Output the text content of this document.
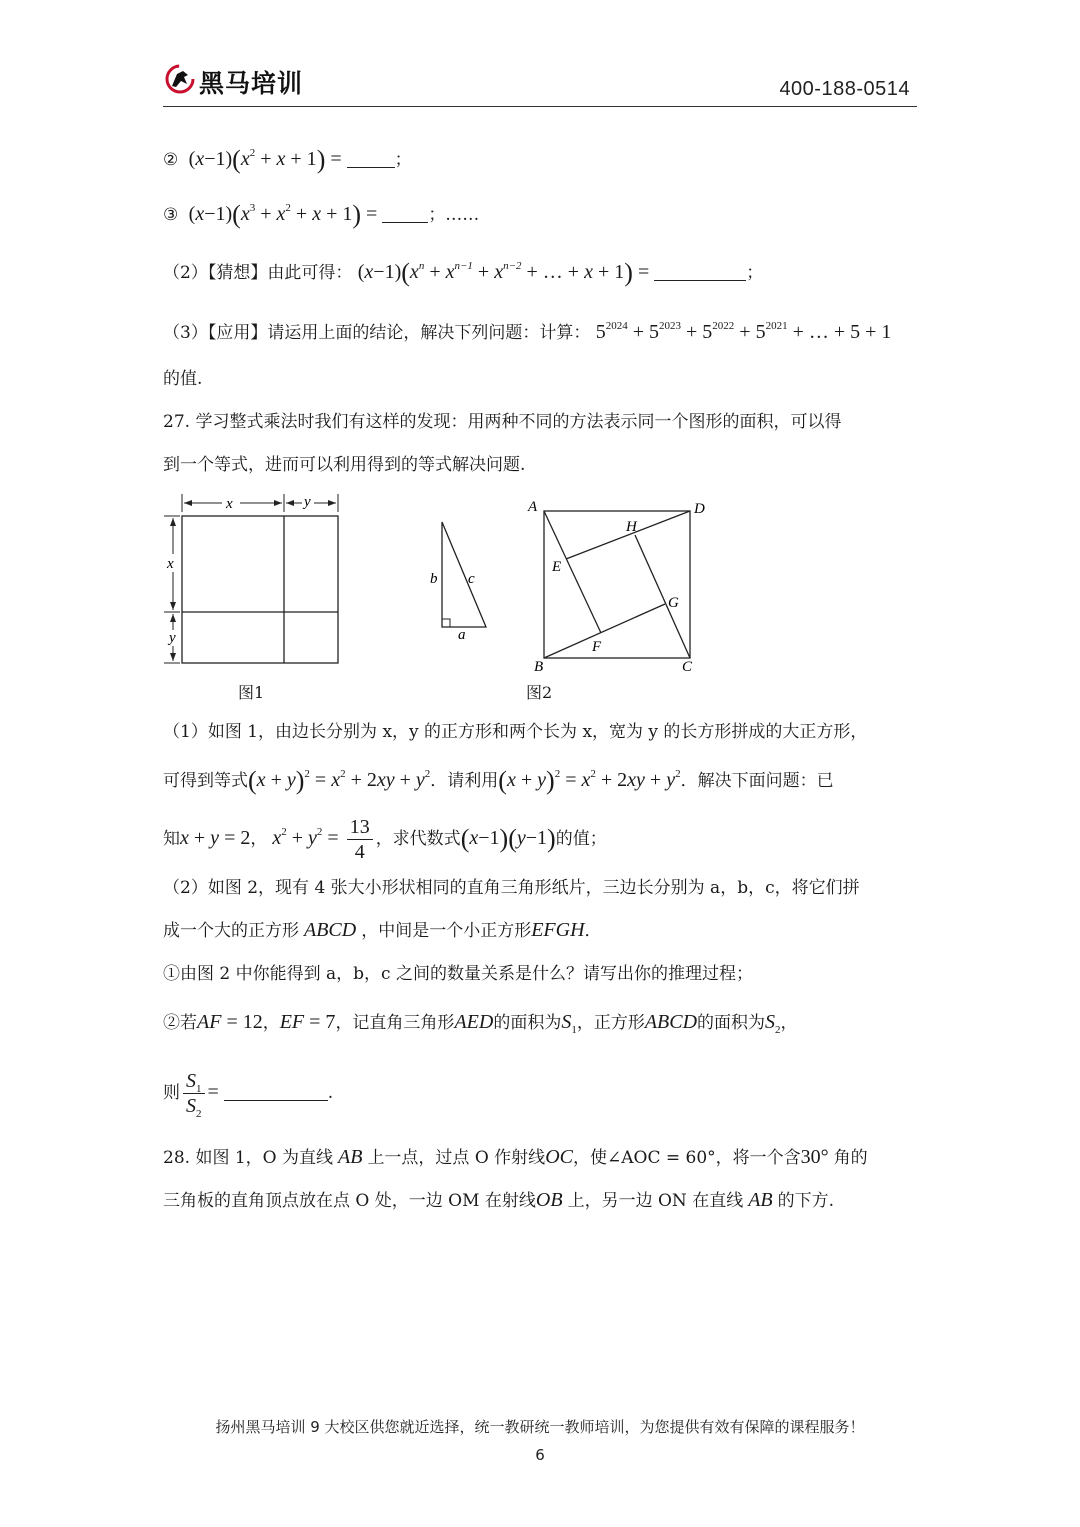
黑马培训	400-188-0514
②  $(x-1)(x^2 + x + 1)$ =	；
③  $(x-1)(x^3 + x^2 + x + 1)$ =	；……
（2）【猜想】由此可得： $(x-1)(x^n + x^{n-1} + x^{n-2}$ + … + x + 1) =	；
（3）【应用】请运用上面的结论，解决下列问题：计算： $5^{2024} + 5^{2023} + 5^{2022} + 5^{2021}$ + … + 5 + 1
的值.
27. 学习整式乘法时我们有这样的发现：用两种不同的方法表示同一个图形的面积，可以得
到一个等式，进而可以利用得到的等式解决问题.
x	y
x
y
图1
b c
a
A	D
H
E
G
F
B	C
图2
（1）如图 1，由边长分别为 x，y 的正方形和两个长为 x，宽为 y 的长方形拼成的大正方形，
可得到等式$(x + y)^2 = x^2 + 2xy + y^2$．请利用$(x + y)^2 = x^2 + 2xy + y^2$．解决下面问题：已
知x + y = 2， $x^2 + y^2 = \frac{13}{4}$ ，求代数式(x−1)(y−1)的值；
（2）如图 2，现有 4 张大小形状相同的直角三角形纸片，三边长分别为 a，b，c，将它们拼
成一个大的正方形 ABCD ，中间是一个小正方形EFGH．
①由图 2 中你能得到 a，b，c 之间的数量关系是什么？请写出你的推理过程；
②若AF = 12，EF = 7，记直角三角形AED的面积为$S_1$，正方形ABCD的面积为$S_2$，
则 $\frac{S_1}{S_2}$ =	.
28. 如图 1，O 为直线 AB 上一点，过点 O 作射线OC，使∠AOC = 60°，将一个含30° 角的
三角板的直角顶点放在点 O 处，一边 OM 在射线OB 上，另一边 ON 在直线 AB 的下方.
扬州黑马培训 9 大校区供您就近选择，统一教研统一教师培训，为您提供有效有保障的课程服务！
6
